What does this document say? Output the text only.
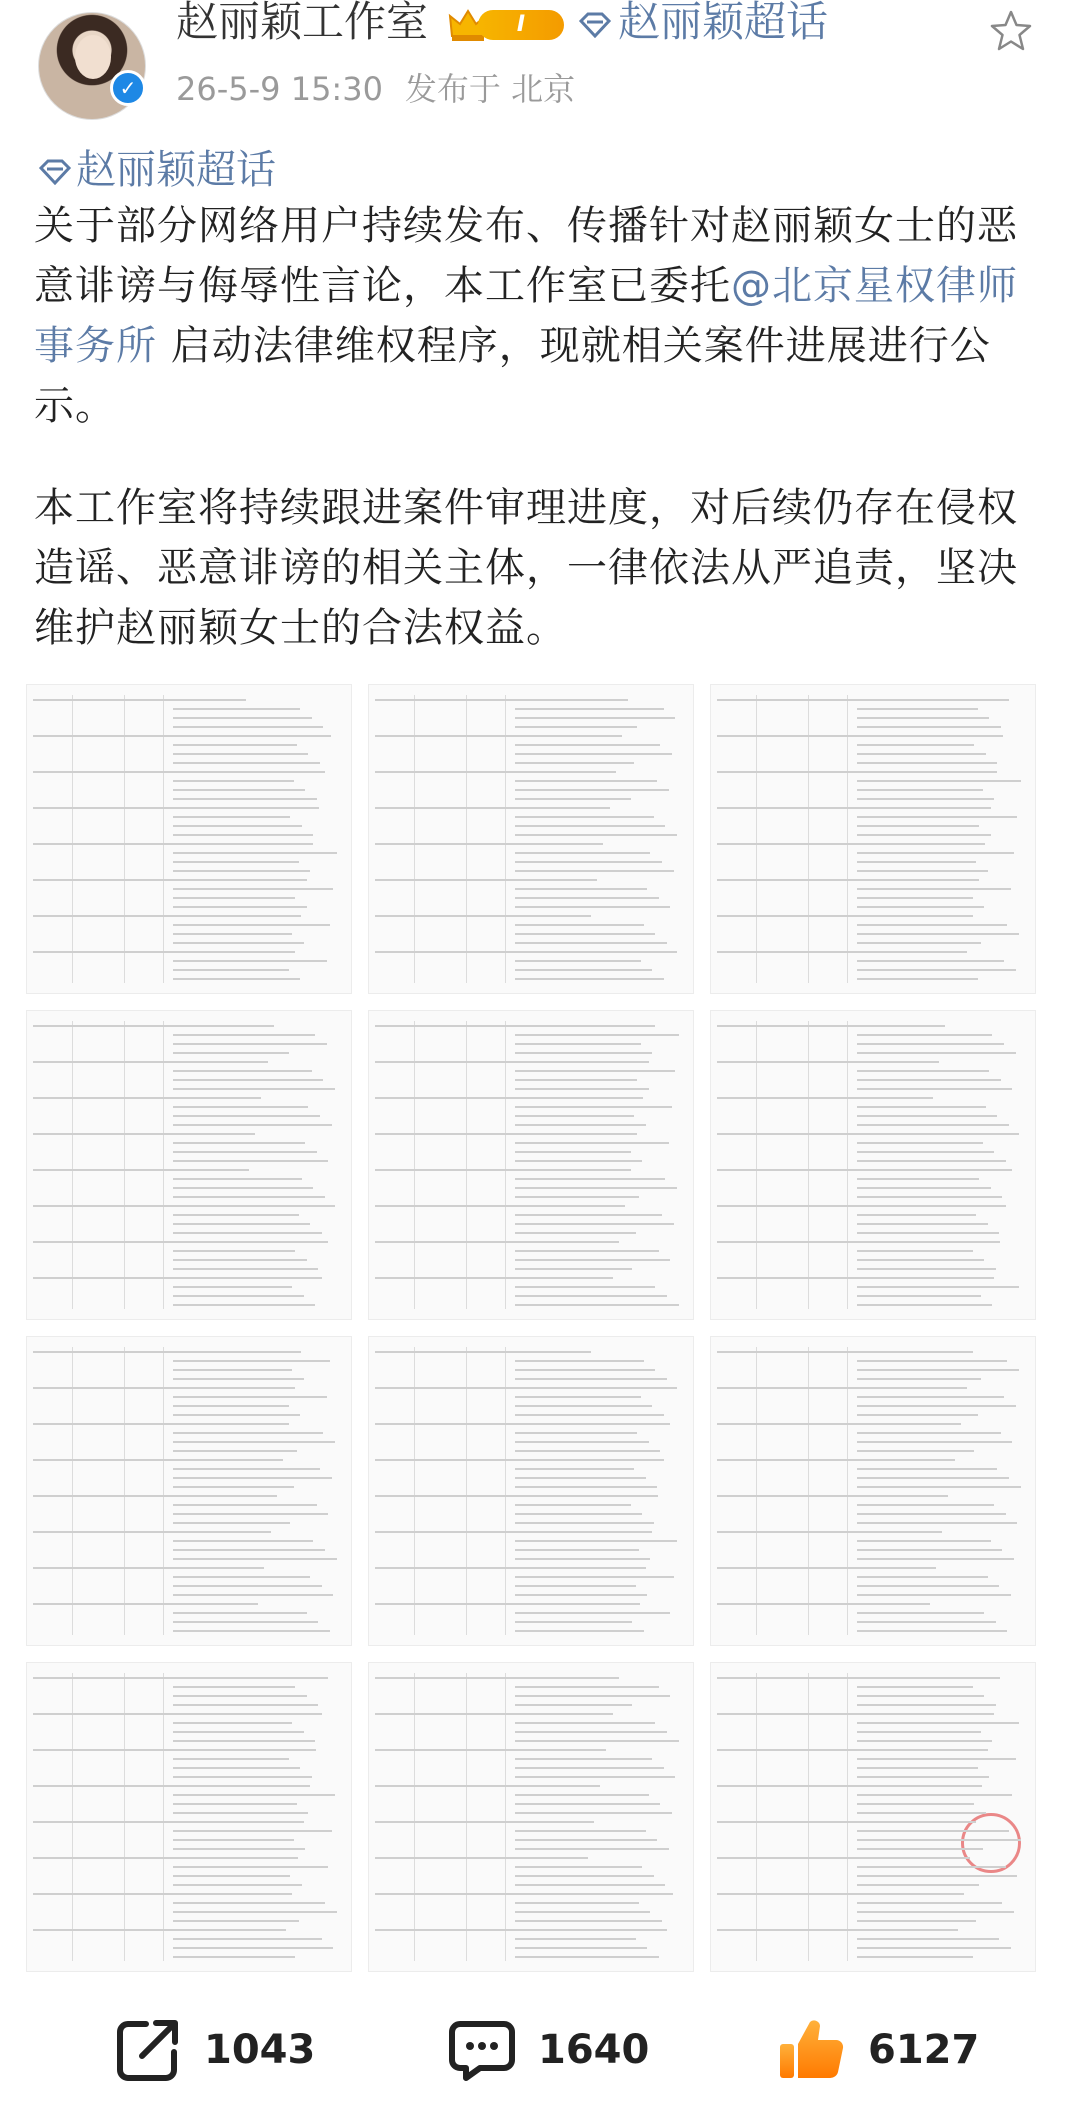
✓
赵丽颖工作室	I	赵丽颖超话
26-5-9 15:30 发布于 北京
赵丽颖超话
关于部分网络用户持续发布、传播针对赵丽颖女士的恶意诽谤与侮辱性言论，本工作室已委托@北京星权律师事务所 启动法律维权程序，现就相关案件进展进行公示。
本工作室将持续跟进案件审理进度，对后续仍存在侵权造谣、恶意诽谤的相关主体，一律依法从严追责，坚决维护赵丽颖女士的合法权益。
1043	1640	6127
